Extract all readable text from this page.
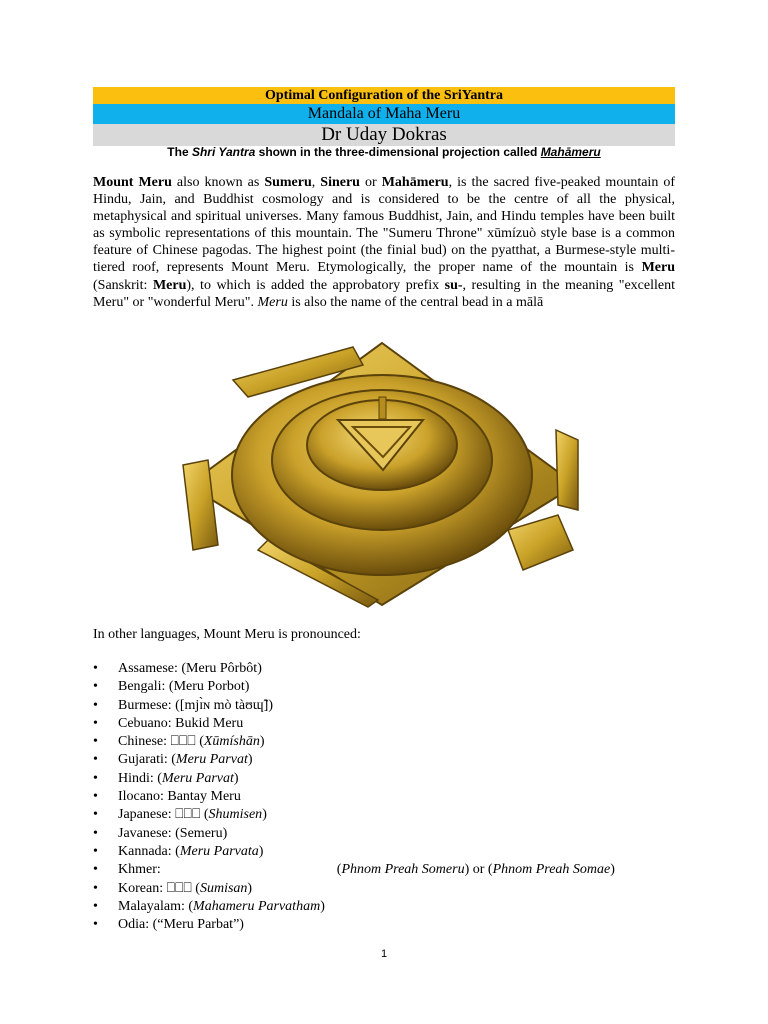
Optimal Configuration of the SriYantra
Mandala of Maha Meru
Dr Uday Dokras
The Shri Yantra shown in the three-dimensional projection called Mahāmeru

Mount Meru also known as Sumeru, Sineru or Mahāmeru, is the sacred five-peaked mountain of Hindu, Jain, and Buddhist cosmology and is considered to be the centre of all the physical, metaphysical and spiritual universes. Many famous Buddhist, Jain, and Hindu temples have been built as symbolic representations of this mountain. The "Sumeru Throne" xūmízuò style base is a common feature of Chinese pagodas. The highest point (the finial bud) on the pyatthat, a Burmese-style multi-tiered roof, represents Mount Meru. Etymologically, the proper name of the mountain is Meru (Sanskrit: Meru), to which is added the approbatory prefix su-, resulting in the meaning "excellent Meru" or "wonderful Meru". Meru is also the name of the central bead in a mālā

In other languages, Mount Meru is pronounced:

• Assamese: (Meru Pôrbôt)
• Bengali: (Meru Porbot)
• Burmese: ([mjɪ̀ɴ mò tàʊɰ̃])
• Cebuano: Bukid Meru
• Chinese: ⎕⎕⎕ (Xūmíshān)
• Gujarati: (Meru Parvat)
• Hindi: (Meru Parvat)
• Ilocano: Bantay Meru
• Japanese: ⎕⎕⎕ (Shumisen)
• Javanese: (Semeru)
• Kannada: (Meru Parvata)
• Khmer:	(Phnom Preah Someru) or (Phnom Preah Somae)
• Korean: ⎕⎕⎕ (Sumisan)
• Malayalam: (Mahameru Parvatham)
• Odia: (“Meru Parbat”)
1
